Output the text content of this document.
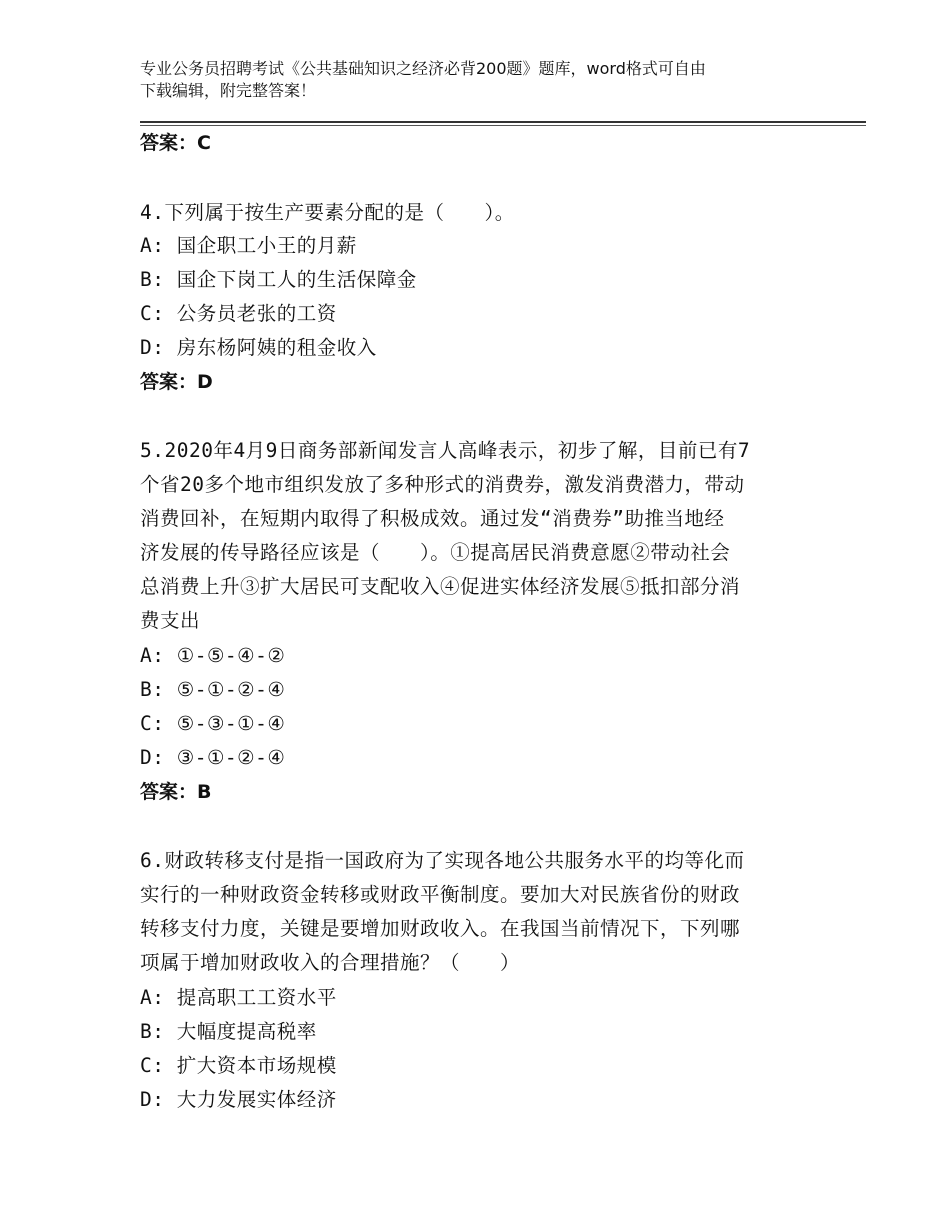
专业公务员招聘考试《公共基础知识之经济必背200题》题库，word格式可自由
下载编辑，附完整答案！
答案：C
4.下列属于按生产要素分配的是（　　）。
A: 国企职工小王的月薪
B: 国企下岗工人的生活保障金
C: 公务员老张的工资
D: 房东杨阿姨的租金收入
答案：D
5.2020年4月9日商务部新闻发言人高峰表示，初步了解，目前已有7
个省20多个地市组织发放了多种形式的消费券，激发消费潜力，带动
消费回补，在短期内取得了积极成效。通过发“消费券”助推当地经
济发展的传导路径应该是（　　）。①提高居民消费意愿②带动社会
总消费上升③扩大居民可支配收入④促进实体经济发展⑤抵扣部分消
费支出
A: ①-⑤-④-②
B: ⑤-①-②-④
C: ⑤-③-①-④
D: ③-①-②-④
答案：B
6.财政转移支付是指一国政府为了实现各地公共服务水平的均等化而
实行的一种财政资金转移或财政平衡制度。要加大对民族省份的财政
转移支付力度，关键是要增加财政收入。在我国当前情况下，下列哪
项属于增加财政收入的合理措施？（　　）
A: 提高职工工资水平
B: 大幅度提高税率
C: 扩大资本市场规模
D: 大力发展实体经济
